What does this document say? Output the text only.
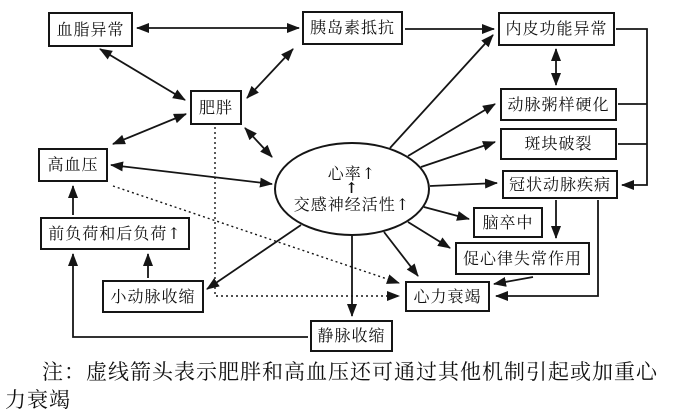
血脂异常	胰岛素抵抗	内皮功能异常
肥胖	动脉粥样硬化
斑块破裂
高血压
冠状动脉疾病
脑卒中
前负荷和后负荷↑
促心律失常作用
小动脉收缩	心力衰竭
静脉收缩
心率↑
↑
交感神经活性↑
注：虚线箭头表示肥胖和高血压还可通过其他机制引起或加重心
力衰竭
